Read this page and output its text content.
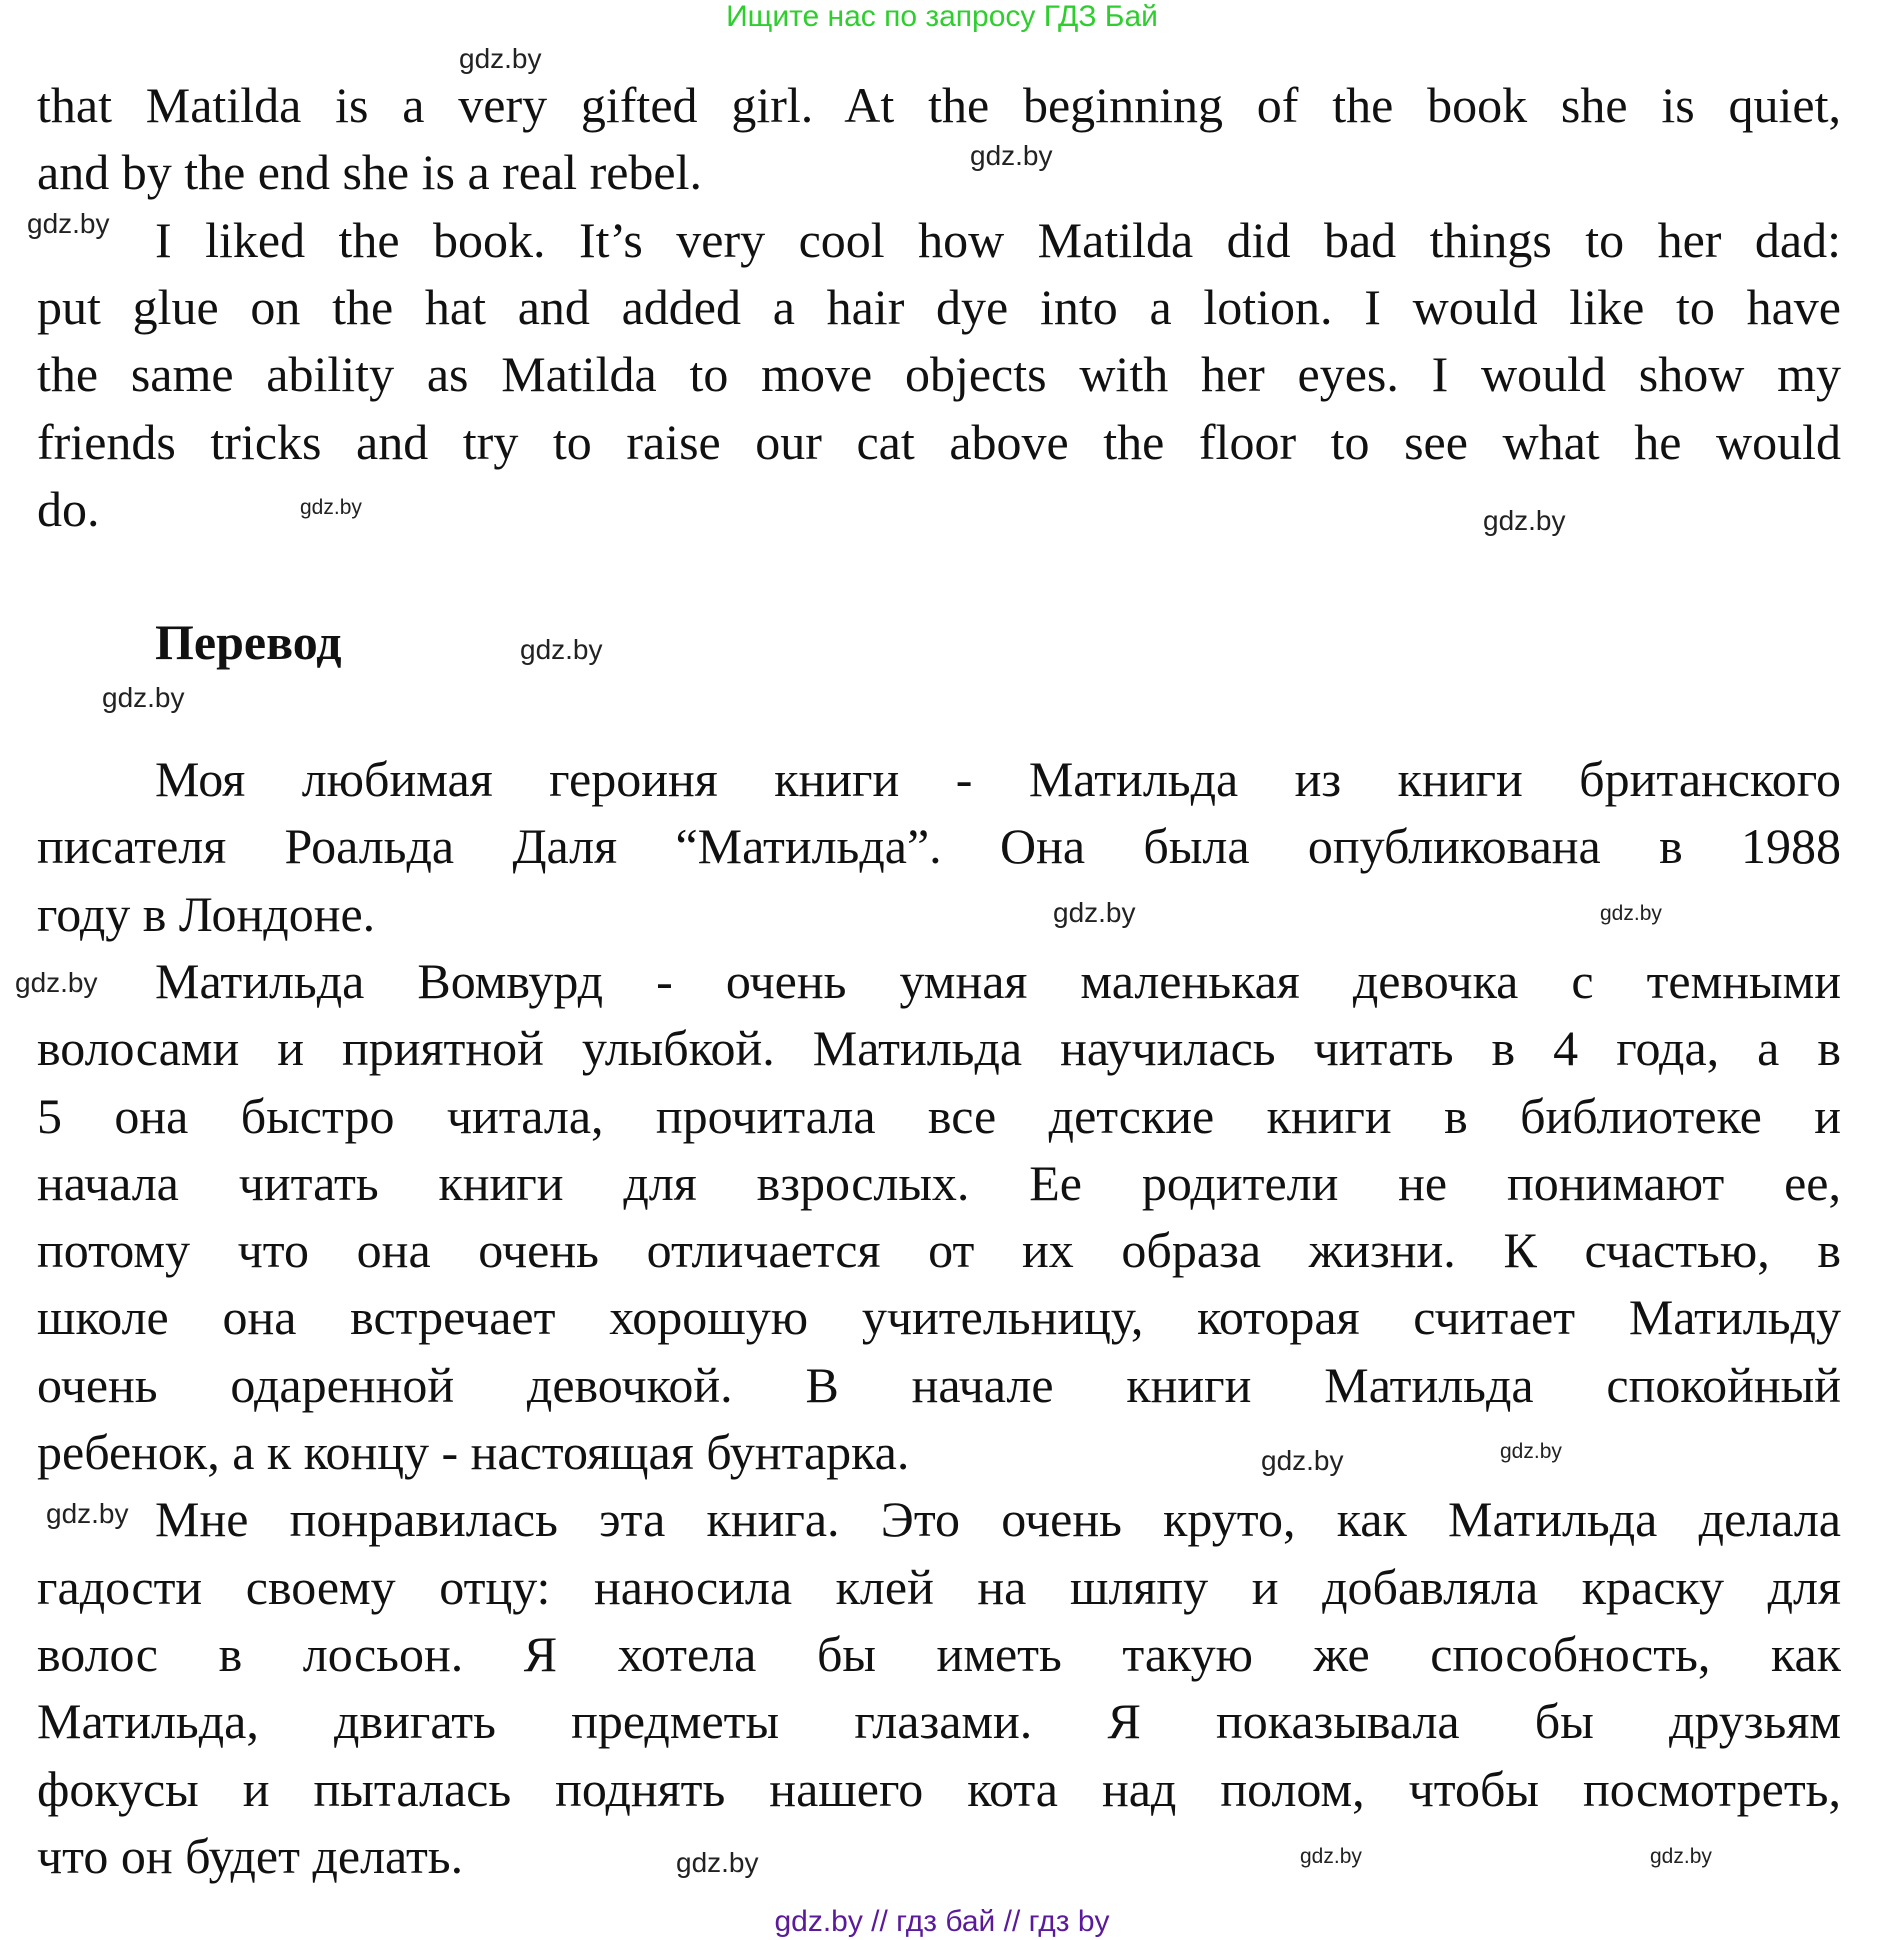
Ищите нас по запросу ГДЗ Бай
Перевод
gdz.by // гдз бай // гдз by
that Matilda is a very gifted girl. At the beginning of the book she is quiet,
and by the end she is a real rebel.
I liked the book. It’s very cool how Matilda did bad things to her dad:
put glue on the hat and added a hair dye into a lotion. I would like to have
the same ability as Matilda to move objects with her eyes. I would show my
friends tricks and try to raise our cat above the floor to see what he would
do.
Моя любимая героиня книги - Матильда из книги британского
писателя Роальда Даля “Матильда”. Она была опубликована в 1988
году в Лондоне.
Матильда Вомвурд - очень умная маленькая девочка с темными
волосами и приятной улыбкой. Матильда научилась читать в 4 года, а в
5 она быстро читала, прочитала все детские книги в библиотеке и
начала читать книги для взрослых. Ее родители не понимают ее,
потому что она очень отличается от их образа жизни. К счастью, в
школе она встречает хорошую учительницу, которая считает Матильду
очень одаренной девочкой. В начале книги Матильда спокойный
ребенок, а к концу - настоящая бунтарка.
Мне понравилась эта книга. Это очень круто, как Матильда делала
гадости своему отцу: наносила клей на шляпу и добавляла краску для
волос в лосьон. Я хотела бы иметь такую же способность, как
Матильда, двигать предметы глазами. Я показывала бы друзьям
фокусы и пыталась поднять нашего кота над полом, чтобы посмотреть,
что он будет делать.
gdz.by
gdz.by
gdz.by
gdz.by	gdz.by
gdz.by
gdz.by
gdz.by	gdz.by
gdz.by
gdz.by
gdz.by
gdz.by
gdz.by
gdz.by
gdz.by
